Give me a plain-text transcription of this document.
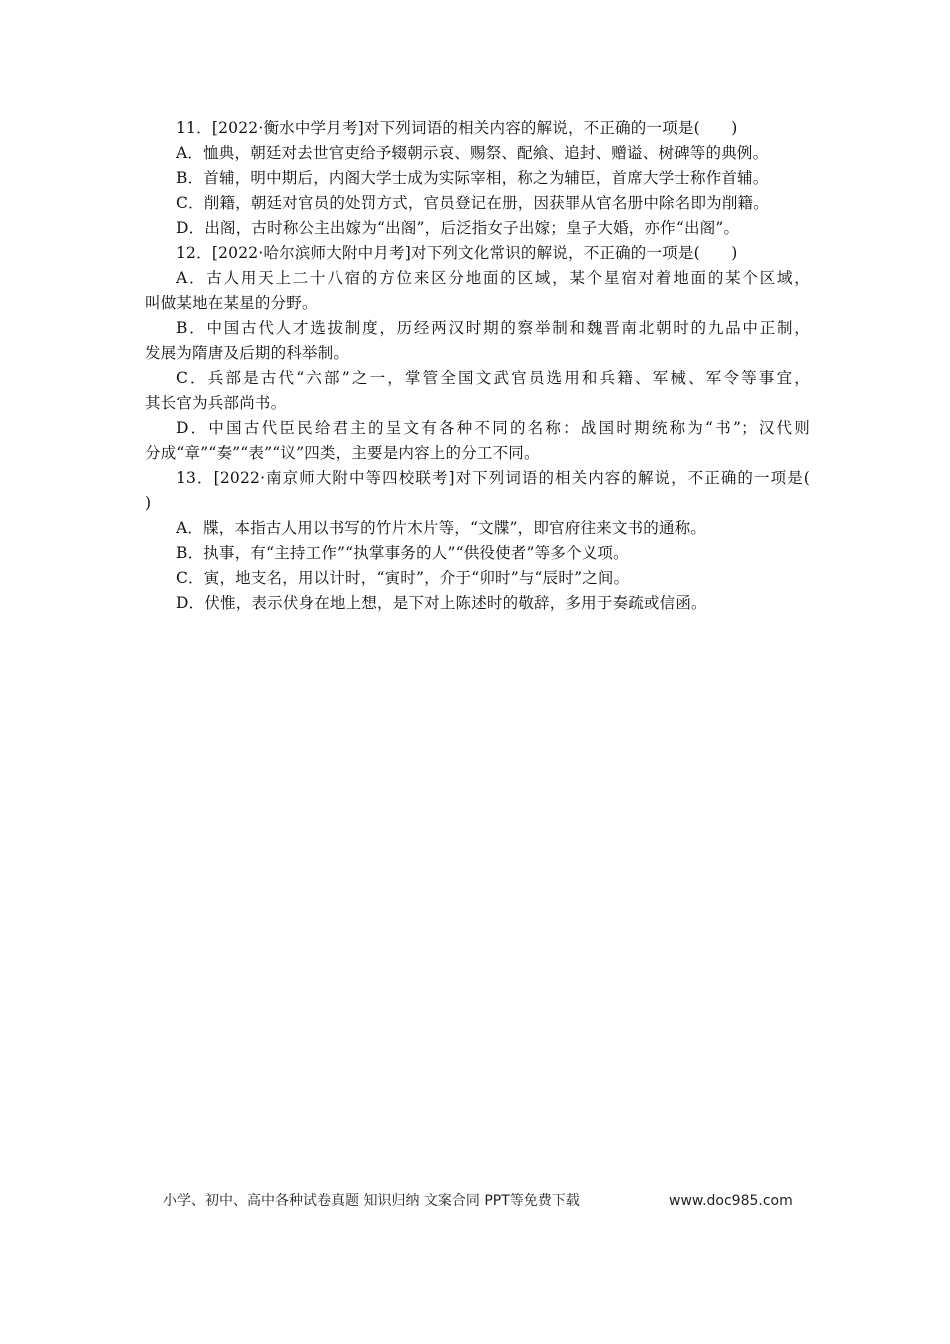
11．[2022·衡水中学月考]对下列词语的相关内容的解说，不正确的一项是(　　)
A．恤典，朝廷对去世官吏给予辍朝示哀、赐祭、配飨、追封、赠谥、树碑等的典例。
B．首辅，明中期后，内阁大学士成为实际宰相，称之为辅臣，首席大学士称作首辅。
C．削籍，朝廷对官员的处罚方式，官员登记在册，因获罪从官名册中除名即为削籍。
D．出阁，古时称公主出嫁为“出阁”，后泛指女子出嫁；皇子大婚，亦作“出阁”。
12．[2022·哈尔滨师大附中月考]对下列文化常识的解说，不正确的一项是(　　)
A．古人用天上二十八宿的方位来区分地面的区域，某个星宿对着地面的某个区域，
叫做某地在某星的分野。
B．中国古代人才选拔制度，历经两汉时期的察举制和魏晋南北朝时的九品中正制，
发展为隋唐及后期的科举制。
C．兵部是古代“六部”之一，掌管全国文武官员选用和兵籍、军械、军令等事宜，
其长官为兵部尚书。
D．中国古代臣民给君主的呈文有各种不同的名称：战国时期统称为“书”；汉代则
分成“章”“奏”“表”“议”四类，主要是内容上的分工不同。
13．[2022·南京师大附中等四校联考]对下列词语的相关内容的解说，不正确的一项是(
)
A．牒，本指古人用以书写的竹片木片等，“文牒”，即官府往来文书的通称。
B．执事，有“主持工作”“执掌事务的人”“供役使者”等多个义项。
C．寅，地支名，用以计时，“寅时”，介于“卯时”与“辰时”之间。
D．伏惟，表示伏身在地上想，是下对上陈述时的敬辞，多用于奏疏或信函。
小学、初中、高中各种试卷真题 知识归纳 文案合同 PPT等免费下载	www.doc985.com
